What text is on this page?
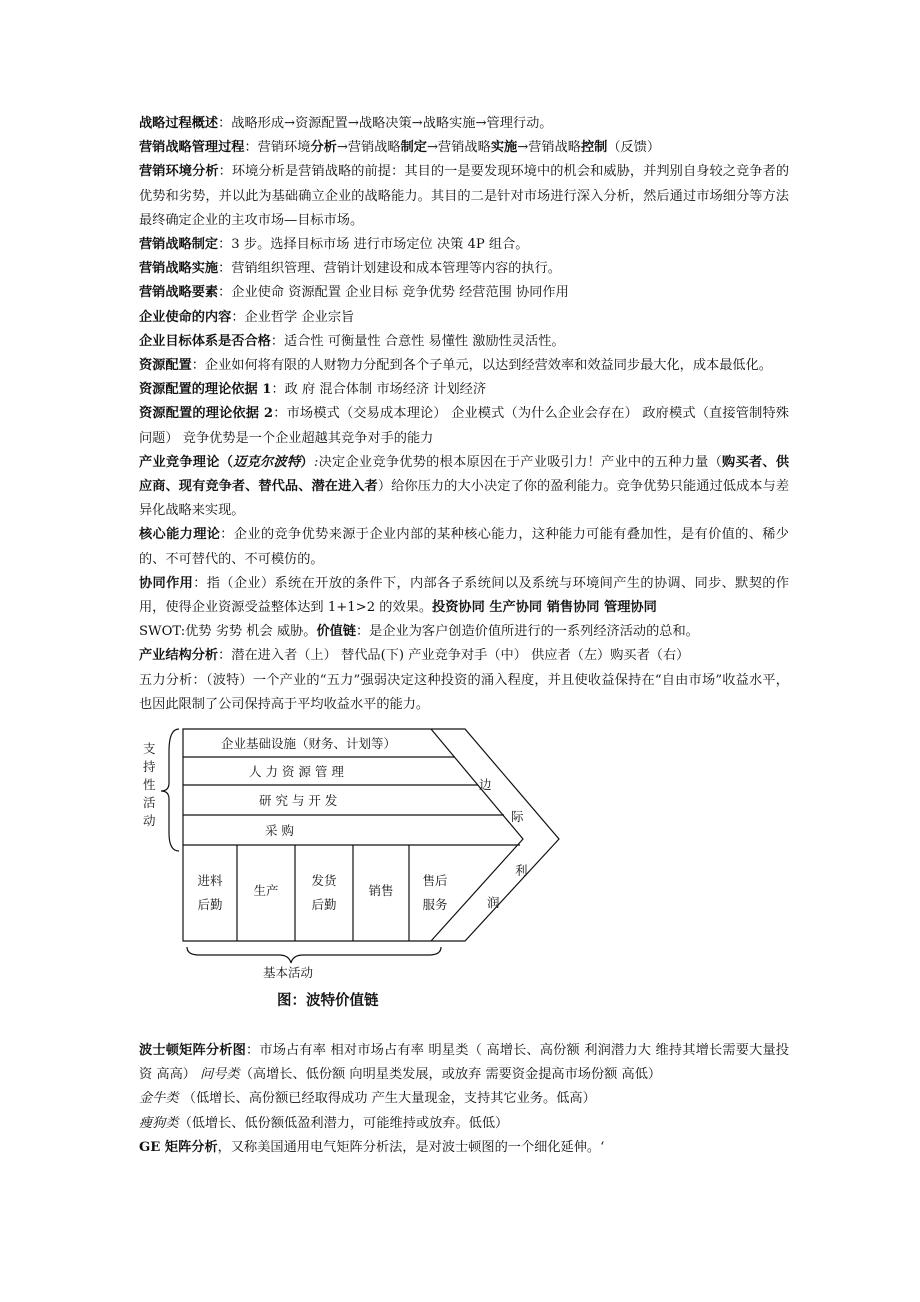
战略过程概述：战略形成→资源配置→战略决策→战略实施→管理行动。

营销战略管理过程：营销环境分析→营销战略制定→营销战略实施→营销战略控制（反馈）

营销环境分析：环境分析是营销战略的前提：其目的一是要发现环境中的机会和威胁，并判别自身较之竞争者的优势和劣势，并以此为基础确立企业的战略能力。其目的二是针对市场进行深入分析，然后通过市场细分等方法最终确定企业的主攻市场—目标市场。

营销战略制定：3 步。选择目标市场 进行市场定位 决策 4P 组合。

营销战略实施：营销组织管理、营销计划建设和成本管理等内容的执行。

营销战略要素：企业使命 资源配置 企业目标 竞争优势 经营范围 协同作用

企业使命的内容：企业哲学 企业宗旨

企业目标体系是否合格：适合性 可衡量性 合意性 易懂性 激励性灵活性。

资源配置：企业如何将有限的人财物力分配到各个子单元，以达到经营效率和效益同步最大化，成本最低化。

资源配置的理论依据 1：政 府 混合体制 市场经济 计划经济

资源配置的理论依据 2：市场模式（交易成本理论） 企业模式（为什么企业会存在） 政府模式（直接管制特殊问题） 竞争优势是一个企业超越其竞争对手的能力

产业竞争理论（迈克尔波特）:决定企业竞争优势的根本原因在于产业吸引力！产业中的五种力量（购买者、供应商、现有竞争者、替代品、潜在进入者）给你压力的大小决定了你的盈利能力。竞争优势只能通过低成本与差异化战略来实现。

核心能力理论：企业的竞争优势来源于企业内部的某种核心能力，这种能力可能有叠加性，是有价值的、稀少的、不可替代的、不可模仿的。

协同作用：指（企业）系统在开放的条件下，内部各子系统间以及系统与环境间产生的协调、同步、默契的作用，使得企业资源受益整体达到 1+1>2 的效果。投资协同 生产协同 销售协同 管理协同

SWOT:优势 劣势 机会 威胁。价值链：是企业为客户创造价值所进行的一系列经济活动的总和。

产业结构分析：潜在进入者（上） 替代品(下) 产业竞争对手（中） 供应者（左）购买者（右）

五力分析：（波特）一个产业的“五力”强弱决定这种投资的涌入程度，并且使收益保持在“自由市场”收益水平，也因此限制了公司保持高于平均收益水平的能力。

支
持
性
活
动
企业基础设施（财务、计划等）
人 力 资 源 管 理
研 究 与 开 发
采 购
进料
后勤
生产
发货
后勤
销售
售后
服务
边
际
利
润
基本活动
图：波特价值链

波士顿矩阵分析图：市场占有率 相对市场占有率 明星类（ 高增长、高份额 利润潜力大 维持其增长需要大量投资 高高） 问号类（高增长、低份额 向明星类发展，或放弃 需要资金提高市场份额 高低）

金牛类 （低增长、高份额已经取得成功 产生大量现金，支持其它业务。低高）

瘦狗类（低增长、低份额低盈利潜力，可能维持或放弃。低低）

GE 矩阵分析，又称美国通用电气矩阵分析法，是对波士顿图的一个细化延伸。‘
